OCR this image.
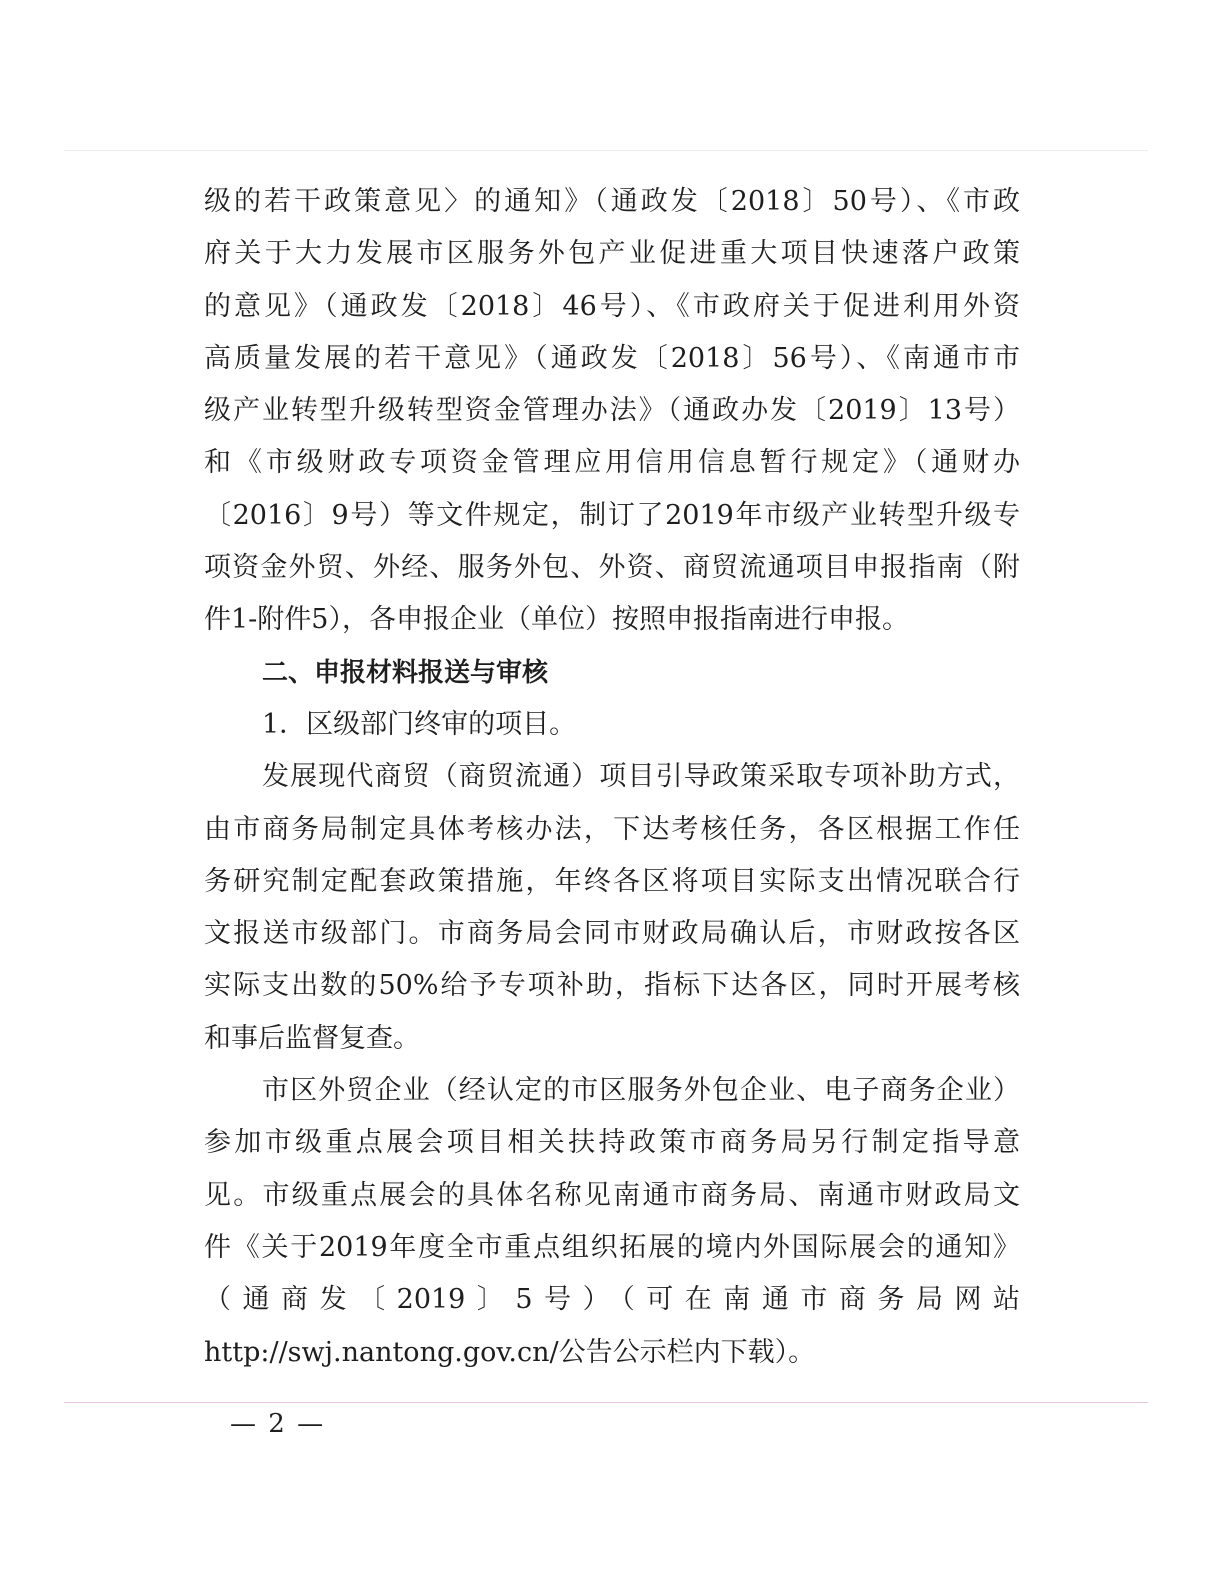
级的若干政策意见〉的通知》（通政发〔2018〕50号）、《市政
府关于大力发展市区服务外包产业促进重大项目快速落户政策
的意见》（通政发〔2018〕46号）、《市政府关于促进利用外资
高质量发展的若干意见》（通政发〔2018〕56号）、《南通市市
级产业转型升级转型资金管理办法》（通政办发〔2019〕13号）
和《市级财政专项资金管理应用信用信息暂行规定》（通财办
〔2016〕9号）等文件规定，制订了2019年市级产业转型升级专
项资金外贸、外经、服务外包、外资、商贸流通项目申报指南（附
件1-附件5），各申报企业（单位）按照申报指南进行申报。
二、申报材料报送与审核
1．区级部门终审的项目。
发展现代商贸（商贸流通）项目引导政策采取专项补助方式，
由市商务局制定具体考核办法，下达考核任务，各区根据工作任
务研究制定配套政策措施，年终各区将项目实际支出情况联合行
文报送市级部门。市商务局会同市财政局确认后，市财政按各区
实际支出数的50%给予专项补助，指标下达各区，同时开展考核
和事后监督复查。
市区外贸企业（经认定的市区服务外包企业、电子商务企业）
参加市级重点展会项目相关扶持政策市商务局另行制定指导意
见。市级重点展会的具体名称见南通市商务局、南通市财政局文
件《关于2019年度全市重点组织拓展的境内外国际展会的通知》
（通商发〔2019〕5号）（可在南通市商务局网站
http://swj.nantong.gov.cn/公告公示栏内下载）。
— 2 —
